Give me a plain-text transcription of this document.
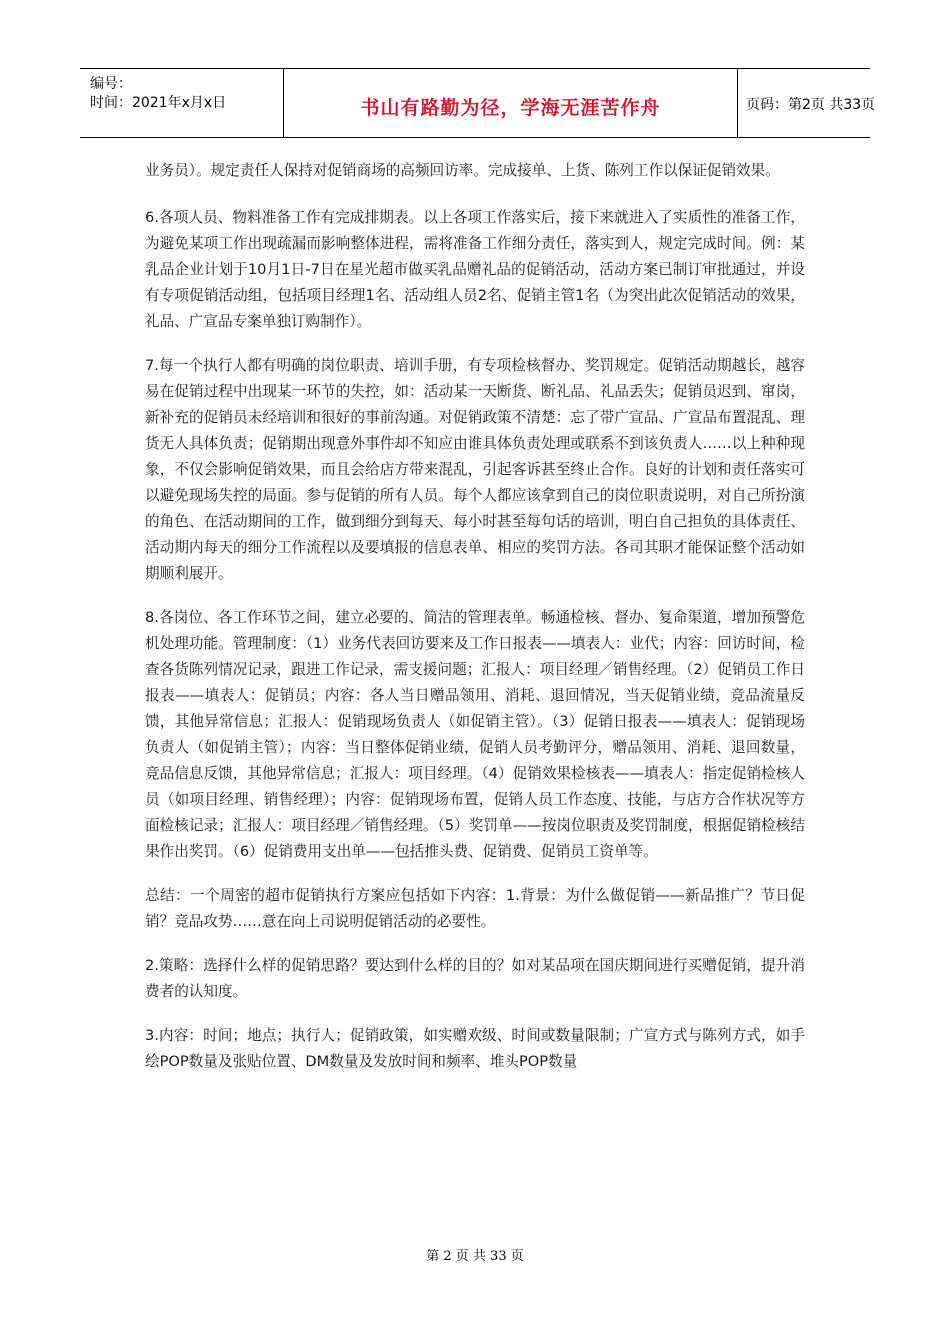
编号：
时间：2021年x月x日	书山有路勤为径，学海无涯苦作舟	页码：第2页 共33页

业务员）。规定责任人保持对促销商场的高频回访率。完成接单、上货、陈列工作以保证促销效果。

6.各项人员、物料准备工作有完成排期表。以上各项工作落实后，接下来就进入了实质性的准备工作，为避免某项工作出现疏漏而影响整体进程，需将准备工作细分责任，落实到人，规定完成时间。例：某乳品企业计划于10月1日-7日在星光超市做买乳品赠礼品的促销活动，活动方案已制订审批通过，并设有专项促销活动组，包括项目经理1名、活动组人员2名、促销主管1名（为突出此次促销活动的效果，礼品、广宣品专案单独订购制作）。

7.每一个执行人都有明确的岗位职责、培训手册，有专项检核督办、奖罚规定。促销活动期越长，越容易在促销过程中出现某一环节的失控，如：活动某一天断货、断礼品、礼品丢失；促销员迟到、窜岗，新补充的促销员未经培训和很好的事前沟通。对促销政策不清楚：忘了带广宣品、广宣品布置混乱、理货无人具体负责；促销期出现意外事件却不知应由谁具体负责处理或联系不到该负责人……以上种种现象，不仅会影响促销效果，而且会给店方带来混乱，引起客诉甚至终止合作。良好的计划和责任落实可以避免现场失控的局面。参与促销的所有人员。每个人都应该拿到自己的岗位职责说明，对自己所扮演的角色、在活动期间的工作，做到细分到每天、每小时甚至每句话的培训，明白自己担负的具体责任、活动期内每天的细分工作流程以及要填报的信息表单、相应的奖罚方法。各司其职才能保证整个活动如期顺利展开。

8.各岗位、各工作环节之间，建立必要的、简洁的管理表单。畅通检核、督办、复命渠道，增加预警危机处理功能。管理制度：（1）业务代表回访要来及工作日报表——填表人：业代；内容：回访时间，检查各货陈列情况记录，跟进工作记录，需支援问题；汇报人：项目经理／销售经理。（2）促销员工作日报表——填表人：促销员；内容：各人当日赠品领用、消耗、退回情况，当天促销业绩，竞品流量反馈，其他异常信息；汇报人：促销现场负责人（如促销主管）。（3）促销日报表——填表人：促销现场负责人（如促销主管）；内容：当日整体促销业绩，促销人员考勤评分，赠品领用、消耗、退回数量，竞品信息反馈，其他异常信息；汇报人：项目经理。（4）促销效果检核表——填表人：指定促销检核人员（如项目经理、销售经理）；内容：促销现场布置，促销人员工作态度、技能，与店方合作状况等方面检核记录；汇报人：项目经理／销售经理。（5）奖罚单——按岗位职责及奖罚制度，根据促销检核结果作出奖罚。（6）促销费用支出单——包括推头费、促销费、促销员工资单等。

总结：一个周密的超市促销执行方案应包括如下内容：1.背景：为什么做促销——新品推广？节日促销？竞品攻势……意在向上司说明促销活动的必要性。

2.策略：选择什么样的促销思路？要达到什么样的目的？如对某品项在国庆期间进行买赠促销，提升消费者的认知度。

3.内容：时间；地点；执行人；促销政策，如实赠欢级、时间或数量限制；广宣方式与陈列方式，如手绘POP数量及张贴位置、DM数量及发放时间和频率、堆头POP数量

第 2 页 共 33 页
